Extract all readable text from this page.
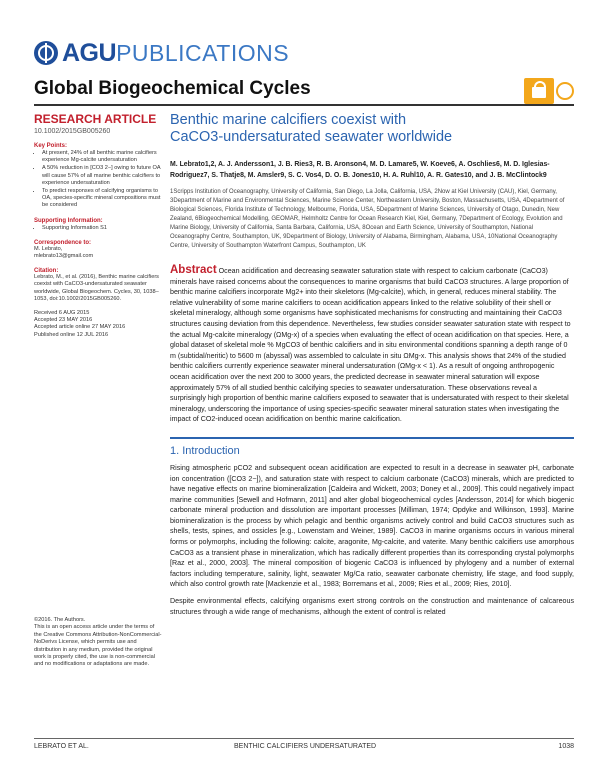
AGU PUBLICATIONS
Global Biogeochemical Cycles
RESEARCH ARTICLE
10.1002/2015GB005260
Key Points:
• At present, 24% of all benthic marine calcifiers experience Mg-calcite undersaturation
• A 50% reduction in [CO3 2−] owing to future OA will cause 57% of all marine benthic calcifiers to experience undersaturation
• To predict responses of calcifying organisms to OA, species-specific mineral compositions must be considered
Supporting Information:
• Supporting Information S1
Correspondence to:
M. Lebrato,
mlebrato13@gmail.com
Citation:
Lebrato, M., et al. (2016), Benthic marine calcifiers coexist with CaCO3-undersaturated seawater worldwide, Global Biogeochem. Cycles, 30, 1038–1053, doi:10.1002/2015GB005260.
Received 6 AUG 2015
Accepted 23 MAY 2016
Accepted article online 27 MAY 2016
Published online 12 JUL 2016
©2016. The Authors.
This is an open access article under the terms of the Creative Commons Attribution-NonCommercial-NoDerivs License, which permits use and distribution in any medium, provided the original work is properly cited, the use is non-commercial and no modifications or adaptations are made.
Benthic marine calcifiers coexist with
CaCO3-undersaturated seawater worldwide
M. Lebrato1,2, A. J. Andersson1, J. B. Ries3, R. B. Aronson4, M. D. Lamare5, W. Koeve6, A. Oschlies6, M. D. Iglesias-Rodriguez7, S. Thatje8, M. Amsler9, S. C. Vos4, D. O. B. Jones10, H. A. Ruhl10, A. R. Gates10, and J. B. McClintock9
1Scripps Institution of Oceanography, University of California, San Diego, La Jolla, California, USA, 2Now at Kiel University (CAU), Kiel, Germany, 3Department of Marine and Environmental Sciences, Marine Science Center, Northeastern University, Boston, Massachusetts, USA, 4Department of Biological Sciences, Florida Institute of Technology, Melbourne, Florida, USA, 5Department of Marine Sciences, University of Otago, Dunedin, New Zealand, 6Biogeochemical Modelling, GEOMAR, Helmholtz Centre for Ocean Research Kiel, Kiel, Germany, 7Department of Ecology, Evolution and Marine Biology, University of California, Santa Barbara, California, USA, 8Ocean and Earth Science, University of Southampton, National Oceanography Centre, Southampton, UK, 9Department of Biology, University of Alabama, Birmingham, Alabama, USA, 10National Oceanography Centre, University of Southampton Waterfront Campus, Southampton, UK
Abstract Ocean acidification and decreasing seawater saturation state with respect to calcium carbonate (CaCO3) minerals have raised concerns about the consequences to marine organisms that build CaCO3 structures. A large proportion of benthic marine calcifiers incorporate Mg2+ into their skeletons (Mg-calcite), which, in general, reduces mineral stability. The relative vulnerability of some marine calcifiers to ocean acidification appears linked to the relative solubility of their shell or skeletal mineralogy, although some organisms have sophisticated mechanisms for constructing and maintaining their CaCO3 structures causing deviation from this dependence. Nevertheless, few studies consider seawater saturation state with respect to the actual Mg-calcite mineralogy (ΩMg-x) of a species when evaluating the effect of ocean acidification on that species. Here, a global dataset of skeletal mole % MgCO3 of benthic calcifiers and in situ environmental conditions spanning a depth range of 0 m (subtidal/neritic) to 5600 m (abyssal) was assembled to calculate in situ ΩMg-x. This analysis shows that 24% of the studied benthic calcifiers currently experience seawater mineral undersaturation (ΩMg-x < 1). As a result of ongoing anthropogenic ocean acidification over the next 200 to 3000 years, the predicted decrease in seawater mineral saturation will expose approximately 57% of all studied benthic calcifying species to seawater undersaturation. These observations reveal a surprisingly high proportion of benthic marine calcifiers exposed to seawater that is undersaturated with respect to their skeletal mineralogy, underscoring the importance of using species-specific seawater mineral saturation states when investigating the impact of CO2-induced ocean acidification on benthic marine calcification.
1. Introduction

Rising atmospheric pCO2 and subsequent ocean acidification are expected to result in a decrease in seawater pH, carbonate ion concentration ([CO3 2−]), and saturation state with respect to calcium carbonate (CaCO3) minerals, which are predicted to have negative effects on marine biomineralization [Caldeira and Wickett, 2003; Doney et al., 2009]. This could negatively impact marine communities [Sewell and Hofmann, 2011] and alter global biogeochemical cycles [Andersson, 2014] for which biogenic carbonate mineral production and dissolution are important processes [Milliman, 1974; Opdyke and Wilkinson, 1993]. Marine biomineralization is the process by which pelagic and benthic organisms actively control and build CaCO3 structures such as shells, tests, spines, and ossicles [e.g., Lowenstam and Weiner, 1989]. CaCO3 in marine organisms occurs in various mineral forms or polymorphs, including the following: calcite, aragonite, Mg-calcite, and vaterite. Many benthic calcifiers use amorphous CaCO3 as a transient phase in mineralization, which has radically different properties than its corresponding crystal polymorphs [Raz et al., 2000, 2003]. The mineral composition of biogenic CaCO3 is influenced by phylogeny and a number of external factors including temperature, salinity, light, seawater Mg/Ca ratio, seawater carbonate chemistry, life stage, and food supply, which also control growth rate [Mackenzie et al., 1983; Borremans et al., 2009; Ries et al., 2009; Ries, 2010].

Despite environmental effects, calcifying organisms exert strong controls on the construction and maintenance of calcareous structures through a wide range of mechanisms, although the extent of control is related

LEBRATO ET AL.	BENTHIC CALCIFIERS UNDERSATURATED	1038
